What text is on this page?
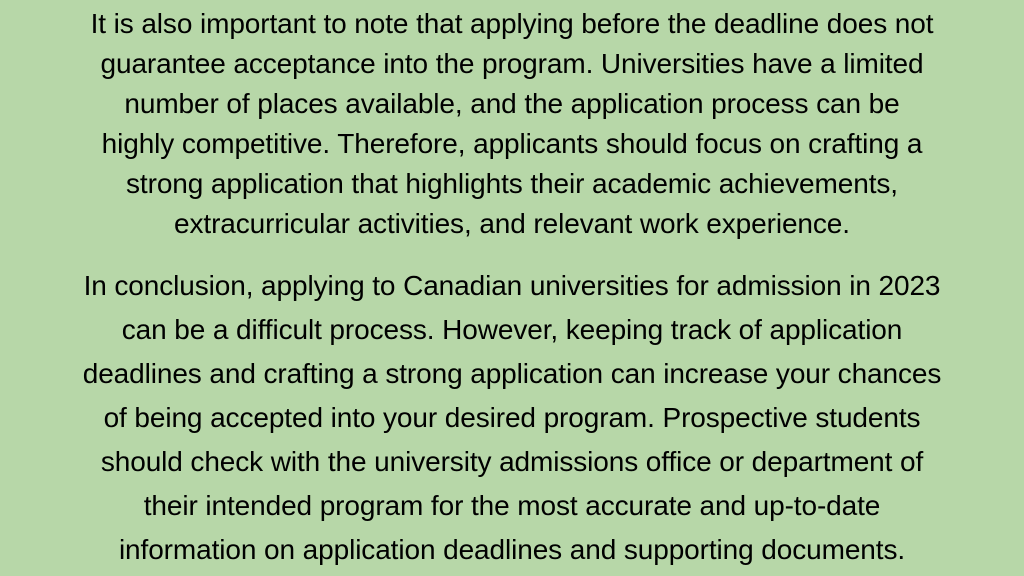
It is also important to note that applying before the deadline does not
guarantee acceptance into the program. Universities have a limited
number of places available, and the application process can be
highly competitive. Therefore, applicants should focus on crafting a
strong application that highlights their academic achievements,
extracurricular activities, and relevant work experience.
In conclusion, applying to Canadian universities for admission in 2023
can be a difficult process. However, keeping track of application
deadlines and crafting a strong application can increase your chances
of being accepted into your desired program. Prospective students
should check with the university admissions office or department of
their intended program for the most accurate and up-to-date
information on application deadlines and supporting documents.
